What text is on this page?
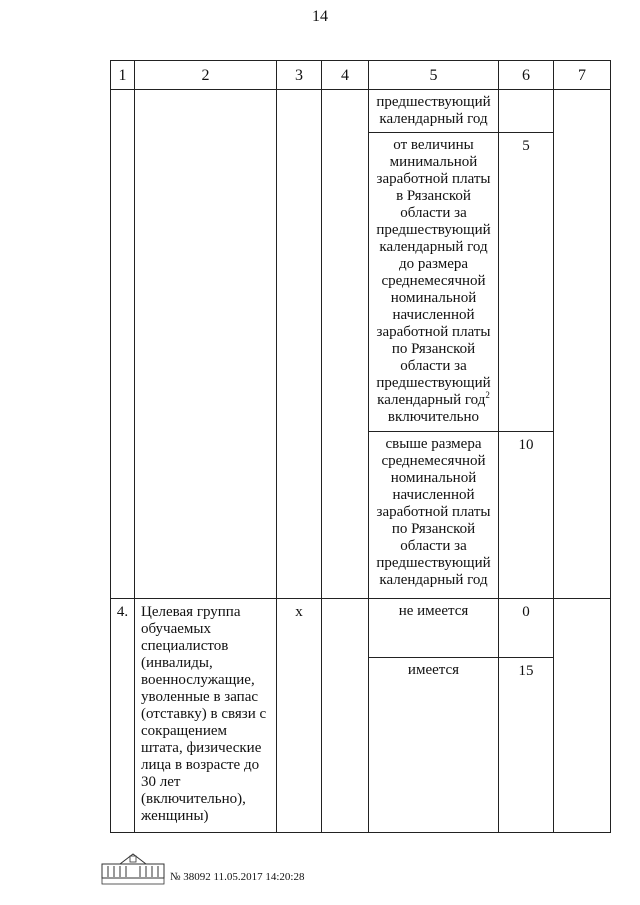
14
1	2	3	4	5	6	7
				предшествующий календарный год		
				от величины минимальной заработной платы в Рязанской области за предшествующий календарный год до размера среднемесячной номинальной начисленной заработной платы по Рязанской области за предшествующий календарный год$^2$ включительно	5	
				свыше размера среднемесячной номинальной начисленной заработной платы по Рязанской области за предшествующий календарный год	10	
4.	Целевая группа обучаемых специалистов (инвалиды, военнослужащие, уволенные в запас (отставку) в связи с сокращением штата, физические лица в возрасте до 30 лет (включительно), женщины)	х		не имеется	0	
				имеется	15	
№ 38092 11.05.2017 14:20:28
